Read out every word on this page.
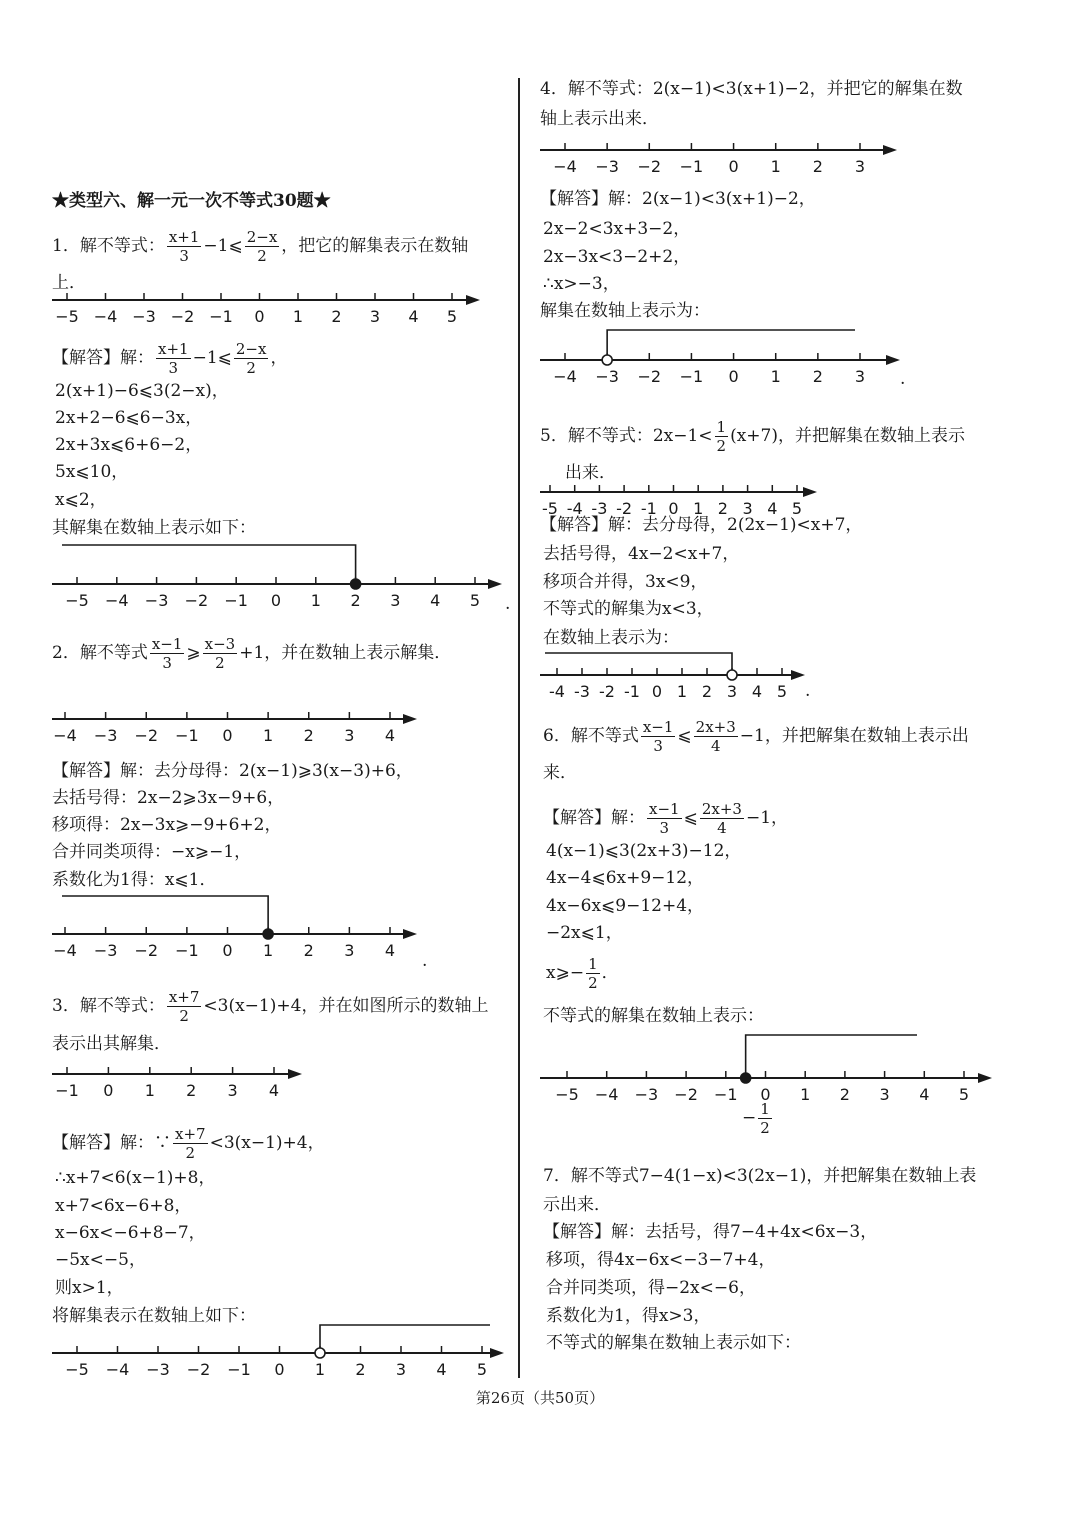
★类型六、解一元一次不等式30题★
1．解不等式： $\frac{x+1}{3}$ −1⩽ $\frac{2-x}{2}$ ，把它的解集表示在数轴
上．
−5 −4 −3 −2 −1 0 1 2 3 4 5
【解答】解： $\frac{x+1}{3}$ −1⩽ $\frac{2-x}{2}$ ，
2(x+1)−6⩽3(2−x)，
2x+2−6⩽6−3x，
2x+3x⩽6+6−2，
5x⩽10，
x⩽2，
其解集在数轴上表示如下：
−5 −4 −3 −2 −1 0 1 2 3 4 5 .
2．解不等式 $\frac{x-1}{3}$ ⩾ $\frac{x-3}{2} +1$，并在数轴上表示解集．
−4 −3 −2 −1 0 1 2 3 4
【解答】解：去分母得：2(x−1)⩾3(x−3)+6，
去括号得：2x−2⩾3x−9+6，
移项得：2x−3x⩾−9+6+2，
合并同类项得：−x⩾−1，
系数化为1得：x⩽1．
−4 −3 −2 −1 0 1 2 3 4
.
3．解不等式： $\frac{x+7}{2} <3(x-1)+4$，并在如图所示的数轴上
表示出其解集．
−1 0 1 2 3 4
【解答】解：∵ $\frac{x+7}{2} <3(x-1)+4$，
∴x+7<6(x−1)+8，
x+7<6x−6+8，
x−6x<−6+8−7，
−5x<−5，
则x>1，
将解集表示在数轴上如下：
−5 −4 −3 −2 −1 0 1 2 3 4 5
4．解不等式：2(x−1)<3(x+1)−2，并把它的解集在数
轴上表示出来．
−4 −3 −2 −1 0 1 2 3
【解答】解：2(x−1)<3(x+1)−2，
2x−2<3x+3−2，
2x−3x<3−2+2，
∴x>−3，
解集在数轴上表示为：
−4 −3 −2 −1 0 1 2 3 .
5．解不等式：$2x-1< \frac{1}{2} (x+7)$，并把解集在数轴上表示
出来．
-5 -4 -3 -2 -1 0 1 2 3 4 5
【解答】解：去分母得，2(2x−1)<x+7，
去括号得，4x−2<x+7，
移项合并得，3x<9，
不等式的解集为x<3，
在数轴上表示为：
-4 -3 -2 -1 0 1 2 3 4 5 .
6．解不等式 $\frac{x-1}{3}$ ⩽ $\frac{2x+3}{4} -1$，并把解集在数轴上表示出
来．
【解答】解： $\frac{x-1}{3}$ ⩽ $\frac{2x+3}{4} -1$，
4(x−1)⩽3(2x+3)−12，
4x−4⩽6x+9−12，
4x−6x⩽9−12+4，
−2x⩽1，
x⩾− $\frac{1}{2}$ ．
不等式的解集在数轴上表示：
−5 −4 −3 −2 −1 0 1 2 3 4 5
− $\frac{1}{2}$
7．解不等式7−4(1−x)<3(2x−1)，并把解集在数轴上表
示出来．
【解答】解：去括号，得7−4+4x<6x−3，
移项，得4x−6x<−3−7+4，
合并同类项，得−2x<−6，
系数化为1，得x>3，
不等式的解集在数轴上表示如下：
第26页（共50页）
